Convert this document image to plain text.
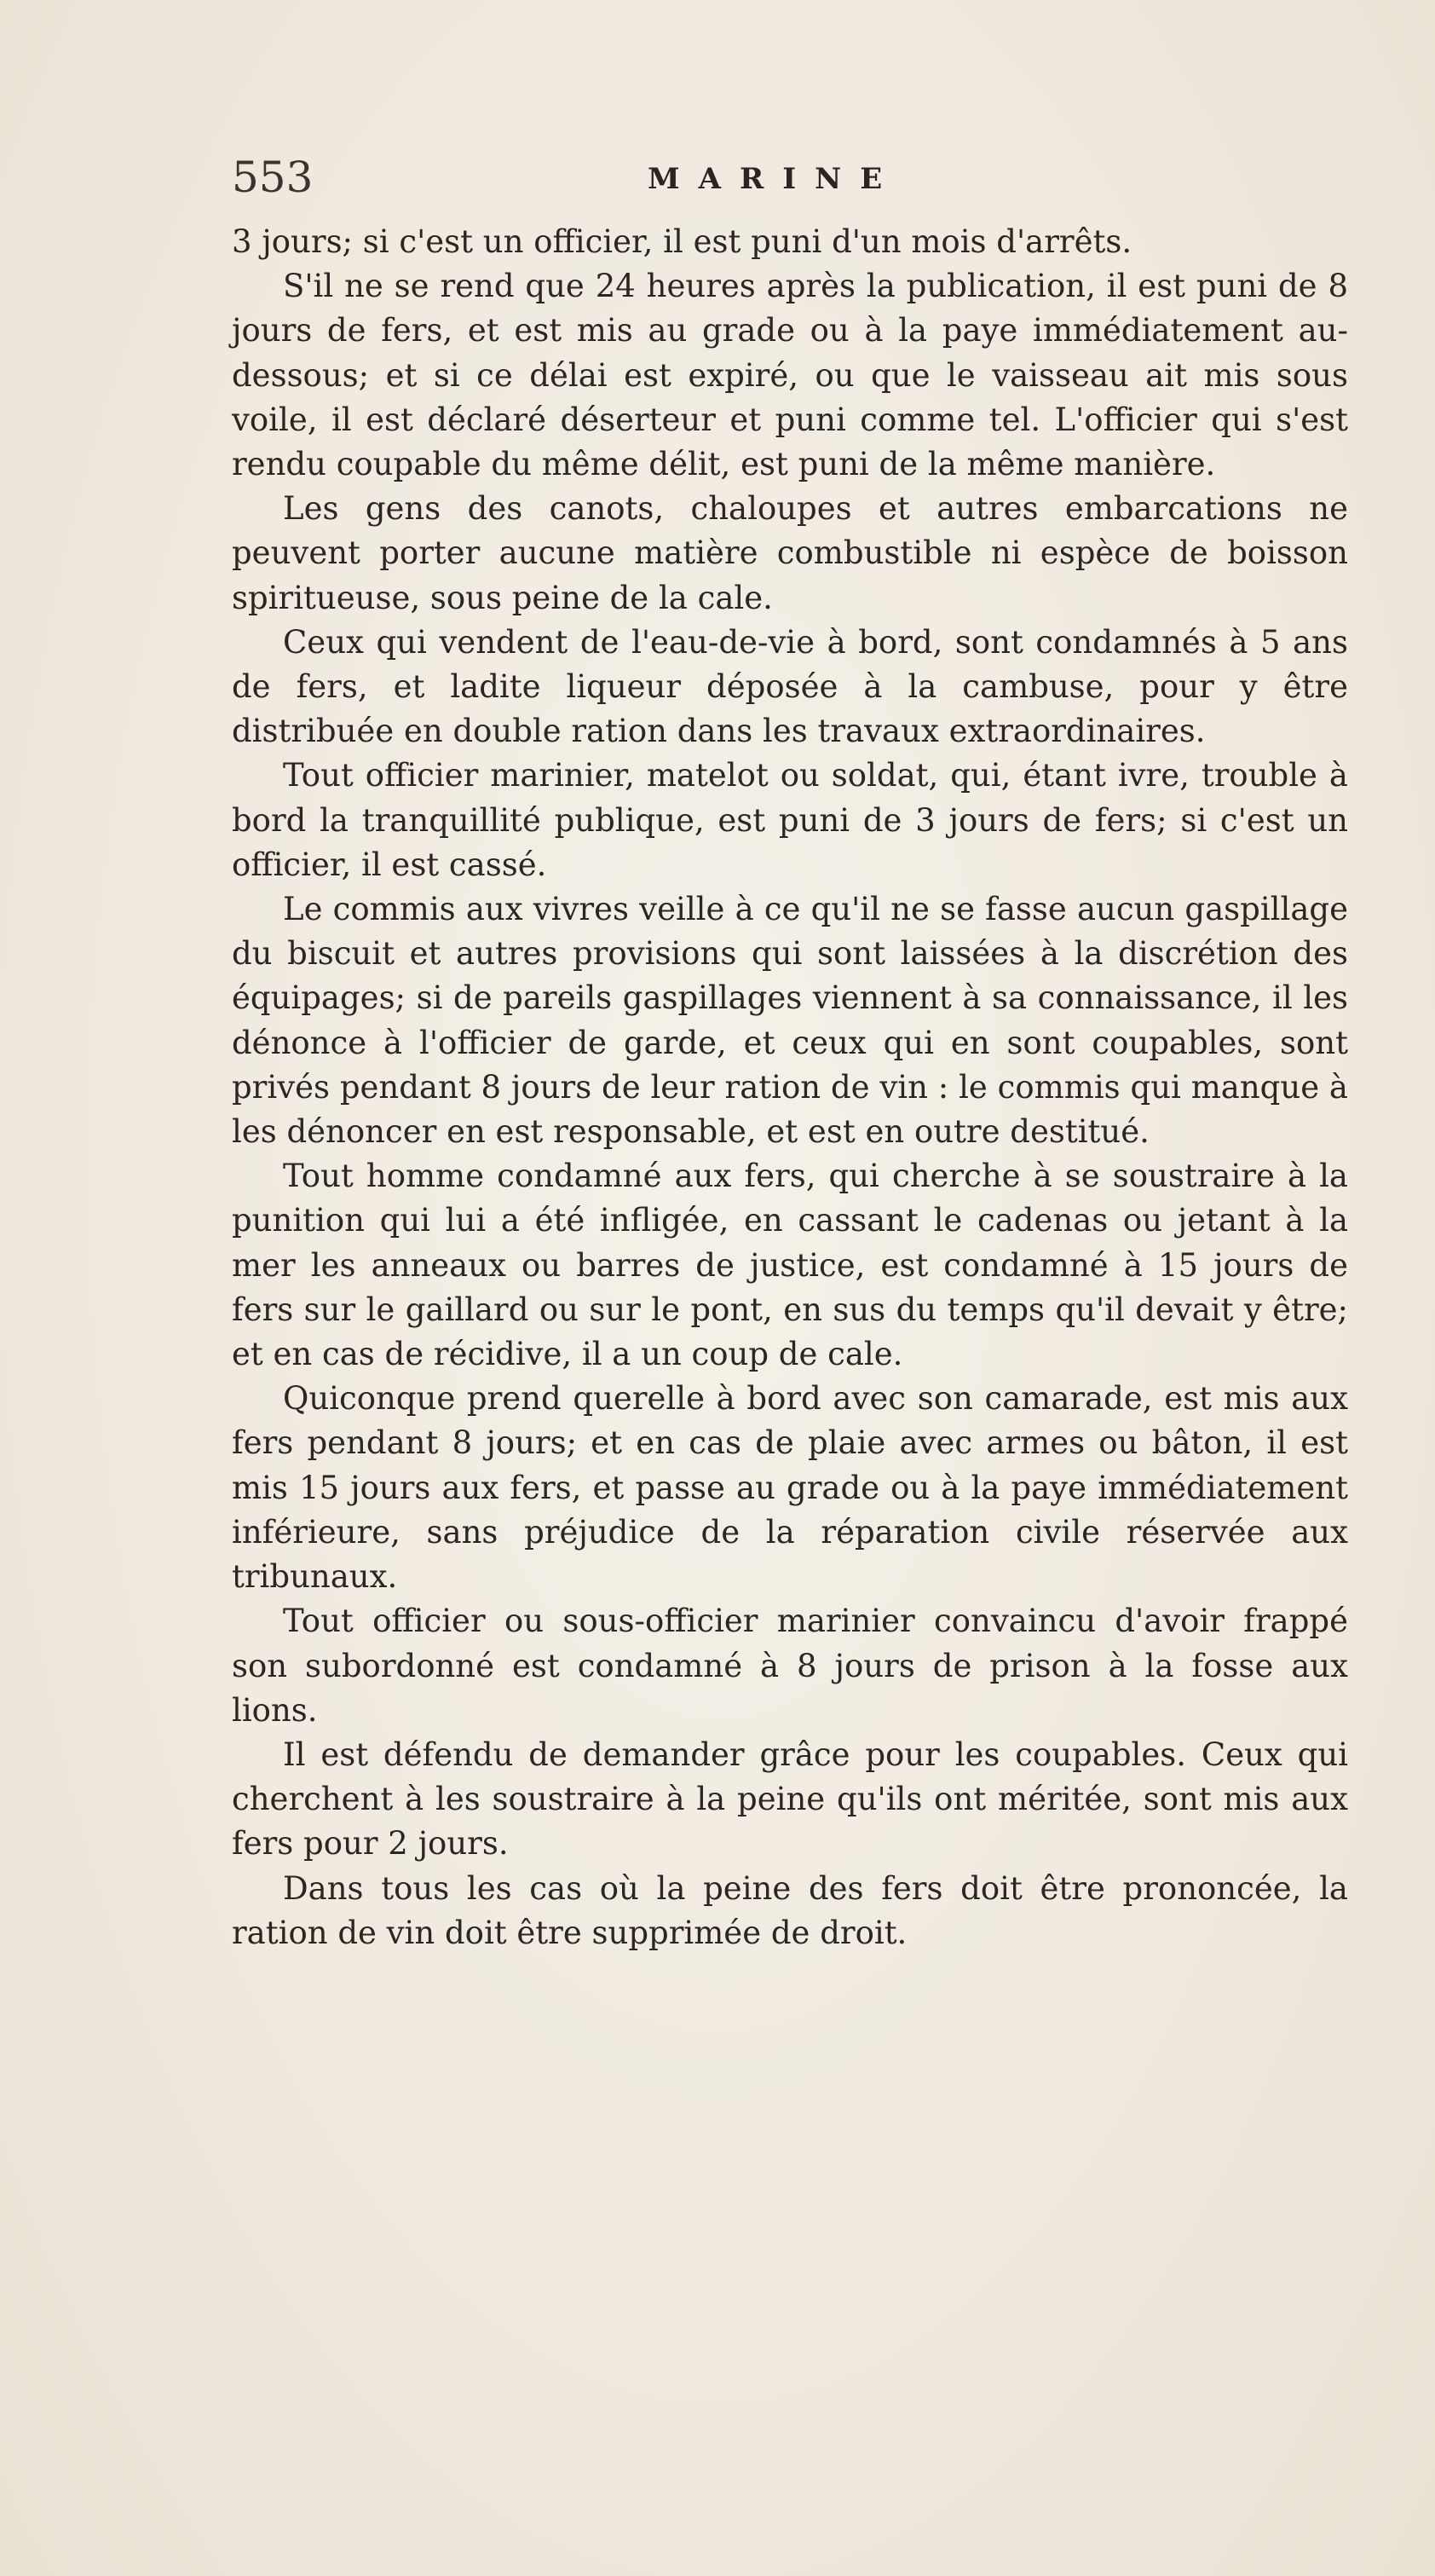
553	MARINE

3 jours; si c'est un officier, il est puni d'un mois d'arrêts.

S'il ne se rend que 24 heures après la publication, il est puni de 8 jours de fers, et est mis au grade ou à la paye immédiatement au-dessous; et si ce délai est expiré, ou que le vaisseau ait mis sous voile, il est déclaré déserteur et puni comme tel. L'officier qui s'est rendu coupable du même délit, est puni de la même manière.

Les gens des canots, chaloupes et autres embarcations ne peuvent porter aucune matière combustible ni espèce de boisson spiritueuse, sous peine de la cale.

Ceux qui vendent de l'eau-de-vie à bord, sont condamnés à 5 ans de fers, et ladite liqueur déposée à la cambuse, pour y être distribuée en double ration dans les travaux extraordinaires.

Tout officier marinier, matelot ou soldat, qui, étant ivre, trouble à bord la tranquillité publique, est puni de 3 jours de fers; si c'est un officier, il est cassé.

Le commis aux vivres veille à ce qu'il ne se fasse aucun gaspillage du biscuit et autres provisions qui sont laissées à la discrétion des équipages; si de pareils gaspillages viennent à sa connaissance, il les dénonce à l'officier de garde, et ceux qui en sont coupables, sont privés pendant 8 jours de leur ration de vin : le commis qui manque à les dénoncer en est responsable, et est en outre destitué.

Tout homme condamné aux fers, qui cherche à se soustraire à la punition qui lui a été infligée, en cassant le cadenas ou jetant à la mer les anneaux ou barres de justice, est condamné à 15 jours de fers sur le gaillard ou sur le pont, en sus du temps qu'il devait y être; et en cas de récidive, il a un coup de cale.

Quiconque prend querelle à bord avec son camarade, est mis aux fers pendant 8 jours; et en cas de plaie avec armes ou bâton, il est mis 15 jours aux fers, et passe au grade ou à la paye immédiatement inférieure, sans préjudice de la réparation civile réservée aux tribunaux.

Tout officier ou sous-officier marinier convaincu d'avoir frappé son subordonné est condamné à 8 jours de prison à la fosse aux lions.

Il est défendu de demander grâce pour les coupables. Ceux qui cherchent à les soustraire à la peine qu'ils ont méritée, sont mis aux fers pour 2 jours.

Dans tous les cas où la peine des fers doit être prononcée, la ration de vin doit être supprimée de droit.
